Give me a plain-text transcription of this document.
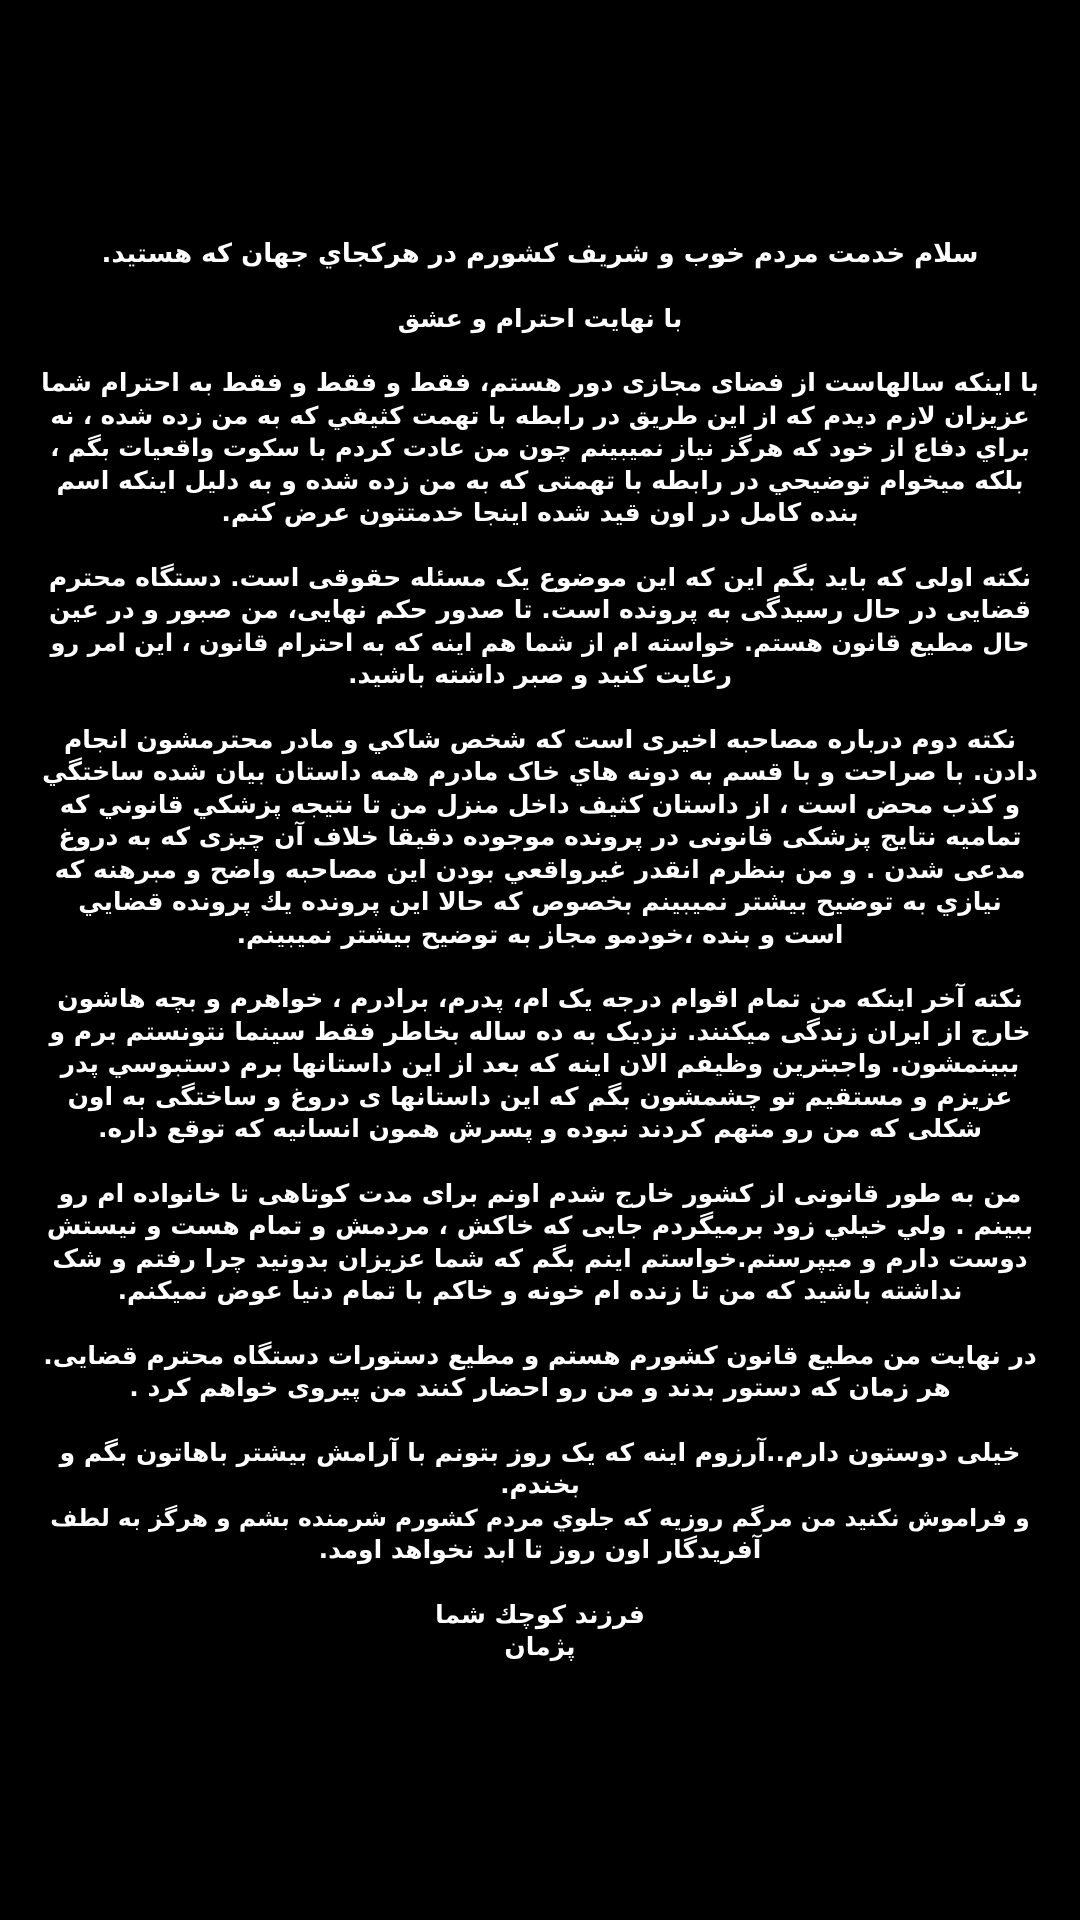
سلام خدمت مردم خوب و شریف کشورم در هرکجاي جهان که هستید.
با نهایت احترام و عشق
با اینکه سالهاست از فضای مجازی دور هستم، فقط و فقط و فقط به احترام شما
عزیزان لازم دیدم که از این طریق در رابطه با تهمت کثیفي که به من زده شده ، نه
براي دفاع از خود که هرگز نیاز نمیبینم چون من عادت کردم با سکوت واقعیات بگم ،
بلکه میخوام توضیحي در رابطه با تهمتی که به من زده شده و به دلیل اینکه اسم
بنده کامل در اون قید شده اینجا خدمتتون عرض کنم.
نکته اولی که باید بگم این که این موضوع یک مسئله حقوقی است. دستگاه محترم
قضایی در حال رسیدگی به پرونده است. تا صدور حکم نهایی، من صبور و در عین
حال مطیع قانون هستم. خواسته ام از شما هم اینه که به احترام قانون ، این امر رو
رعایت کنید و صبر داشته باشید.
نکته دوم درباره مصاحبه اخیری است که شخص شاکي و مادر محترمشون انجام
دادن. با صراحت و با قسم به دونه هاي خاک مادرم همه داستان بیان شده ساختگي
و کذب محض است ، از داستان کثیف داخل منزل من تا نتیجه پزشکي قانوني که
تمامیه نتایج پزشکی قانونی در پرونده موجوده دقیقا خلاف آن چیزی که به دروغ
مدعی شدن . و من بنظرم انقدر غیرواقعي بودن این مصاحبه واضح و مبرهنه که
نیازي به توضیح بیشتر نمیبینم بخصوص که حالا این پرونده یك پرونده قضایي
است و بنده ،خودمو مجاز به توضیح بیشتر نمیبینم.
نکته آخر اینکه من تمام اقوام درجه یک ام، پدرم، برادرم ، خواهرم و بچه هاشون
خارج از ایران زندگی میکنند. نزدیک به ده ساله بخاطر فقط سینما نتونستم برم و
ببینمشون. واجبترین وظیفم الان اینه که بعد از این داستانها برم دستبوسي پدر
عزیزم و مستقیم تو چشمشون بگم که این داستانها ی دروغ و ساختگی به اون
شکلی که من رو متهم کردند نبوده و پسرش همون انسانیه که توقع داره.
من به طور قانونی از کشور خارج شدم اونم برای مدت کوتاهی تا خانواده ام رو
ببینم . ولي خیلي زود برمیگردم جایی که خاکش ، مردمش و تمام هست و نیستش
دوست دارم و میپرستم.خواستم اینم بگم که شما عزیزان بدونید چرا رفتم و شک
نداشته باشید که من تا زنده ام خونه و خاکم با تمام دنیا عوض نمیکنم.
در نهایت من مطیع قانون کشورم هستم و مطیع دستورات دستگاه محترم قضایی.
هر زمان که دستور بدند و من رو احضار کنند من پیروی خواهم کرد .
خیلی دوستون دارم..آرزوم اینه که یک روز بتونم با آرامش بیشتر باهاتون بگم و
بخندم.
و فراموش نکنید من مرگم روزیه که جلوي مردم کشورم شرمنده بشم و هرگز به لطف
آفریدگار اون روز تا ابد نخواهد اومد.
فرزند کوچك شما
پژمان
